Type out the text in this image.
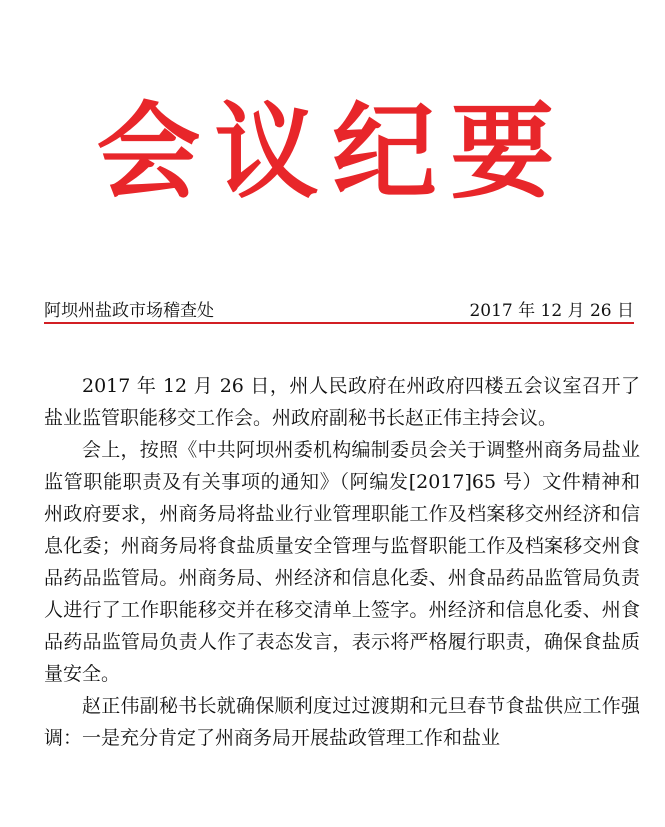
会议纪要
阿坝州盐政市场稽查处	2017 年 12 月 26 日

2017 年 12 月 26 日，州人民政府在州政府四楼五会议室召开了盐业监管职能移交工作会。州政府副秘书长赵正伟主持会议。

会上，按照《中共阿坝州委机构编制委员会关于调整州商务局盐业监管职能职责及有关事项的通知》（阿编发[2017]65 号）文件精神和州政府要求，州商务局将盐业行业管理职能工作及档案移交州经济和信息化委；州商务局将食盐质量安全管理与监督职能工作及档案移交州食品药品监管局。州商务局、州经济和信息化委、州食品药品监管局负责人进行了工作职能移交并在移交清单上签字。州经济和信息化委、州食品药品监管局负责人作了表态发言，表示将严格履行职责，确保食盐质量安全。

赵正伟副秘书长就确保顺利度过过渡期和元旦春节食盐供应工作强调：一是充分肯定了州商务局开展盐政管理工作和盐业
